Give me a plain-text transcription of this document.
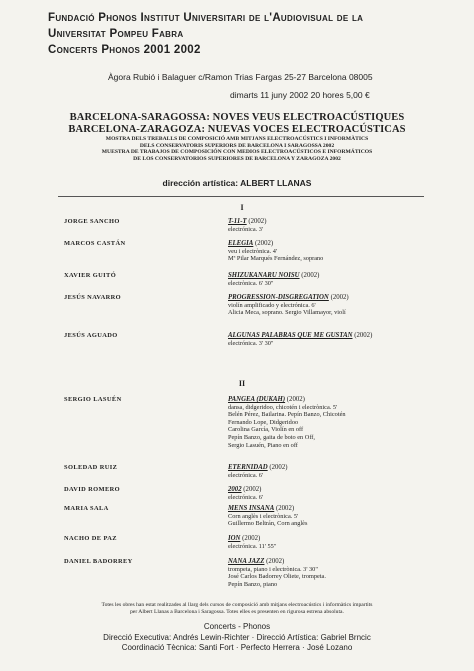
Fundació Phonos Institut Universitari de l'Audiovisual de la
Universitat Pompeu Fabra
Concerts Phonos 2001 2002
Àgora Rubió i Balaguer c/Ramon Trias Fargas 25-27 Barcelona 08005
dimarts 11 juny 2002 20 hores 5,00 €
BARCELONA-SARAGOSSA: NOVES VEUS ELECTROACÚSTIQUES
BARCELONA-ZARAGOZA: NUEVAS VOCES ELECTROACÚSTICAS
MOSTRA DELS TREBALLS DE COMPOSICIÓ AMB MITJANS ELECTROACÚSTICS I INFORMÀTICS
DELS CONSERVATORIS SUPERIORS DE BARCELONA I SARAGOSSA 2002
MUESTRA DE TRABAJOS DE COMPOSICIÓN CON MEDIOS ELECTROACÚSTICOS E INFORMÁTICOS
DE LOS CONSERVATORIOS SUPERIORES DE BARCELONA Y ZARAGOZA 2002
dirección artística: ALBERT LLANAS
I
II
JORGE SANCHO	T-11-T (2002)
electrónica. 3'
MARCOS CASTÁN	ELEGIA (2002)
veu i electrònica. 4'
Mª Pilar Marqués Fernández, soprano
XAVIER GUITÓ	SHIZUKANARU NOISU (2002)
electrònica. 6' 30"
JESÚS NAVARRO	PROGRESSION-DISGREGATION (2002)
violín amplificado y electrónica. 6'
Alicia Meca, soprano. Sergio Villamayor, violí
JESÚS AGUADO	ALGUNAS PALABRAS QUE ME GUSTAN (2002)
electrónica. 3' 30"
SERGIO LASUÉN	PANGEA (DUKAH) (2002)
dansa, didgeridoo, chicotén i electrònica. 5'
Belén Pérez, Bailarina. Pepín Banzo, Chicotén
Fernando Lope, Didgeridoo
Carolina García, Violín en off
Pepín Banzo, gaita de boto en Off,
Sergio Lasuén, Piano en off
SOLEDAD RUIZ	ETERNIDAD (2002)
electrónica. 6'
DAVID ROMERO	2002 (2002)
electrónica. 6'
MARIA SALA	MENS INSANA (2002)
Corn anglès i electrònica. 5'
Guillermo Beltrán, Corn anglès
NACHO DE PAZ	ION (2002)
electrónica. 11' 55"
DANIEL BADORREY	NANA JAZZ (2002)
trompeta, piano i electrònica. 3' 30"
José Carlos Badorrey Oliete, trompeta.
Pepín Banzo, piano
Totes les obres han estat realitzades al llarg dels cursos de composició amb mitjans electroacústics i informàtics impartits
per Albert Llanas a Barcelona i Saragossa. Totes elles es presenten en rigurosa estrena absoluta.
Concerts - Phonos
Direcció Executiva: Andrés Lewin-Richter · Direcció Artística: Gabriel Brncic
Coordinació Tècnica: Santi Fort · Perfecto Herrera · José Lozano
